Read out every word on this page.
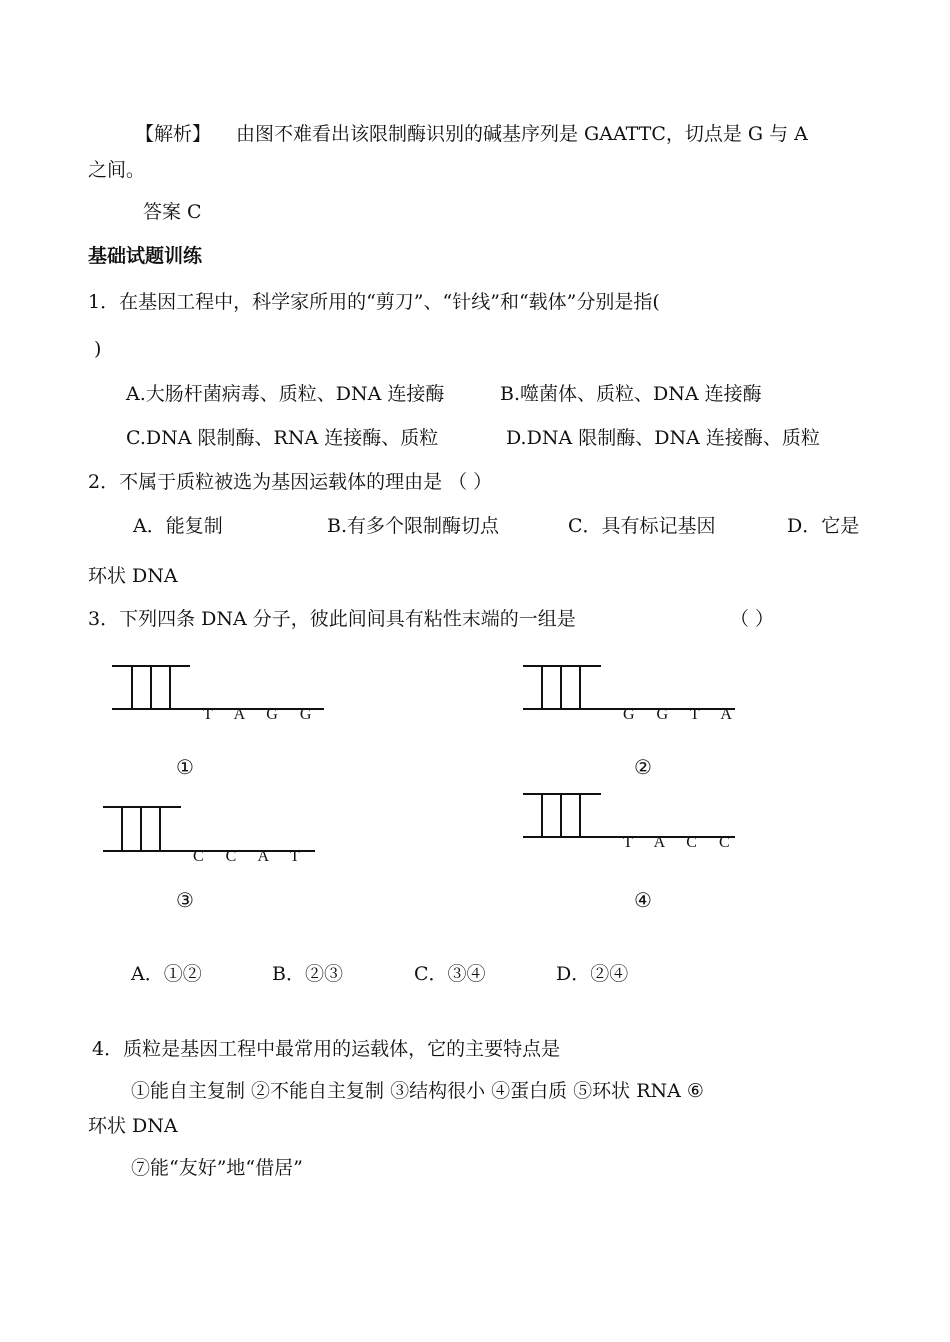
【解析】 由图不难看出该限制酶识别的碱基序列是 GAATTC，切点是 G 与 A
之间。
答案 C
基础试题训练
1．在基因工程中，科学家所用的“剪刀”、“针线”和“载体”分别是指(
)
A.大肠杆菌病毒、质粒、DNA 连接酶	B.噬菌体、质粒、DNA 连接酶
C.DNA 限制酶、RNA 连接酶、质粒	D.DNA 限制酶、DNA 连接酶、质粒
2．不属于质粒被选为基因运载体的理由是 （ ）
A．能复制	B.有多个限制酶切点	C．具有标记基因	D．它是
环状 DNA
3．下列四条 DNA 分子，彼此间间具有粘性末端的一组是	（ ）
T A G G
①
G G T A
②
C C A T
③
T A C C
④
A．①②	B．②③	C．③④	D．②④
4．质粒是基因工程中最常用的运载体，它的主要特点是
①能自主复制 ②不能自主复制 ③结构很小 ④蛋白质 ⑤环状 RNA ⑥
环状 DNA
⑦能“友好”地“借居”
